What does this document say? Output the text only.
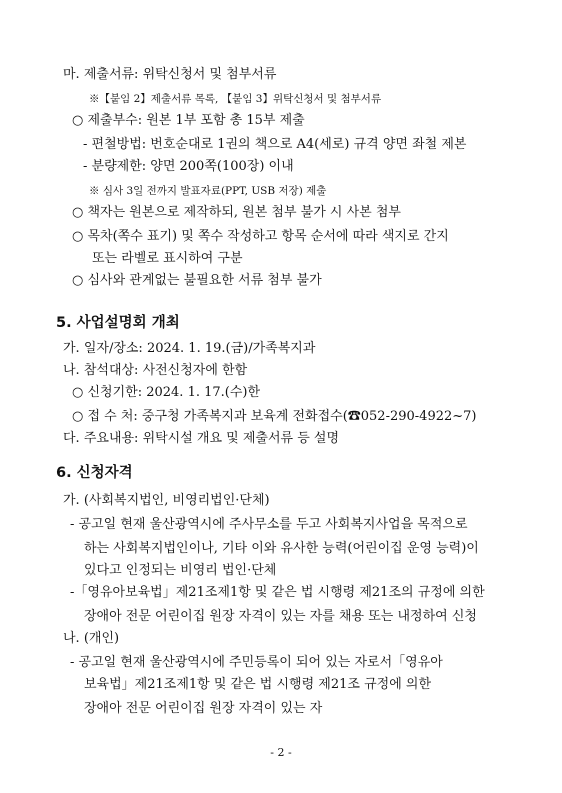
마. 제출서류: 위탁신청서 및 첨부서류
※【붙임 2】제출서류 목록, 【붙임 3】위탁신청서 및 첨부서류
○ 제출부수: 원본 1부 포함 총 15부 제출
- 편철방법: 번호순대로 1권의 책으로 A4(세로) 규격 양면 좌철 제본
- 분량제한: 양면 200쪽(100장) 이내
※ 심사 3일 전까지 발표자료(PPT, USB 저장) 제출
○ 책자는 원본으로 제작하되, 원본 첨부 불가 시 사본 첨부
○ 목차(쪽수 표기) 및 쪽수 작성하고 항목 순서에 따라 색지로 간지
또는 라벨로 표시하여 구분
○ 심사와 관계없는 불필요한 서류 첨부 불가
5. 사업설명회 개최
가. 일자/장소: 2024. 1. 19.(금)/가족복지과
나. 참석대상: 사전신청자에 한함
○ 신청기한: 2024. 1. 17.(수)한
○ 접 수 처: 중구청 가족복지과 보육계 전화접수(☎052-290-4922~7)
다. 주요내용: 위탁시설 개요 및 제출서류 등 설명
6. 신청자격
가. (사회복지법인, 비영리법인·단체)
- 공고일 현재 울산광역시에 주사무소를 두고 사회복지사업을 목적으로
하는 사회복지법인이나, 기타 이와 유사한 능력(어린이집 운영 능력)이
있다고 인정되는 비영리 법인·단체
-「영유아보육법」제21조제1항 및 같은 법 시행령 제21조의 규정에 의한
장애아 전문 어린이집 원장 자격이 있는 자를 채용 또는 내정하여 신청
나. (개인)
- 공고일 현재 울산광역시에 주민등록이 되어 있는 자로서「영유아
보육법」제21조제1항 및 같은 법 시행령 제21조 규정에 의한
장애아 전문 어린이집 원장 자격이 있는 자
- 2 -
